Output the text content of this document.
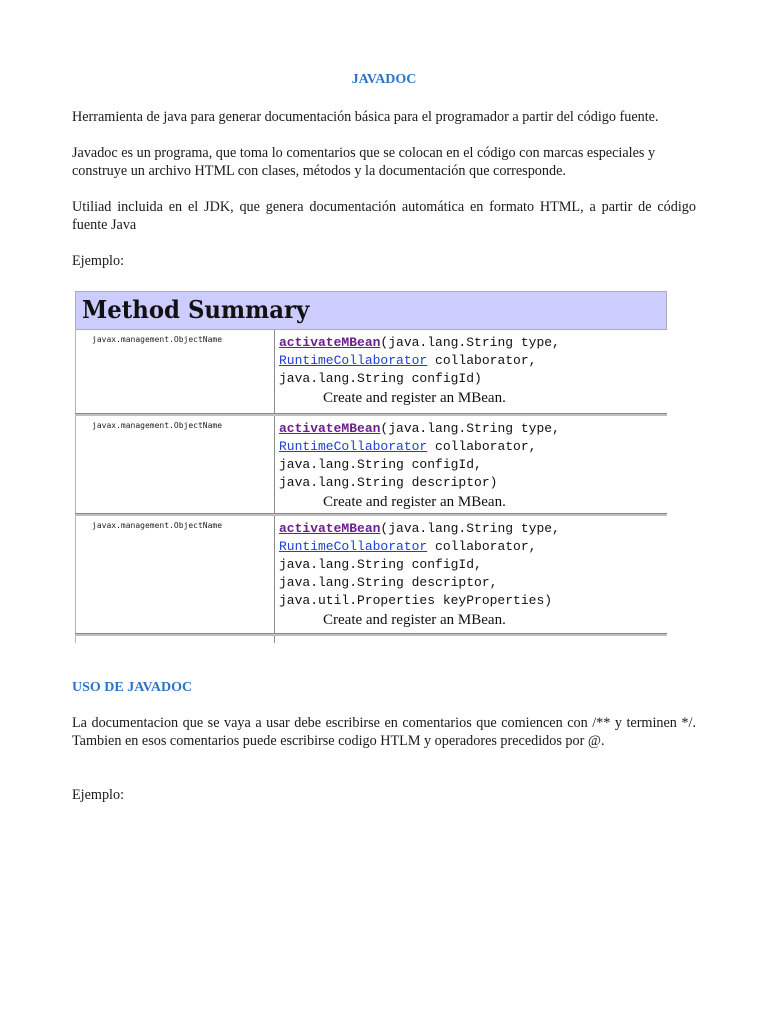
JAVADOC

Herramienta de java para generar documentación básica para el programador a partir del código fuente.

Javadoc es un programa, que toma lo comentarios que se colocan en el código con marcas especiales y construye un archivo HTML con clases, métodos y la documentación que corresponde.

Utiliad incluida en el JDK, que genera documentación automática en formato HTML, a partir de código fuente Java

Ejemplo:

Method Summary
javax.management.ObjectName	activateMBean(java.lang.String type,
RuntimeCollaborator collaborator,
java.lang.String configId)
Create and register an MBean.
javax.management.ObjectName	activateMBean(java.lang.String type,
RuntimeCollaborator collaborator,
java.lang.String configId,
java.lang.String descriptor)
Create and register an MBean.
javax.management.ObjectName	activateMBean(java.lang.String type,
RuntimeCollaborator collaborator,
java.lang.String configId,
java.lang.String descriptor,
java.util.Properties keyProperties)
Create and register an MBean.
USO DE JAVADOC

La documentacion que se vaya a usar debe escribirse en comentarios que comiencen con /** y terminen */. Tambien en esos comentarios puede escribirse codigo HTLM y operadores precedidos por @.

Ejemplo:
